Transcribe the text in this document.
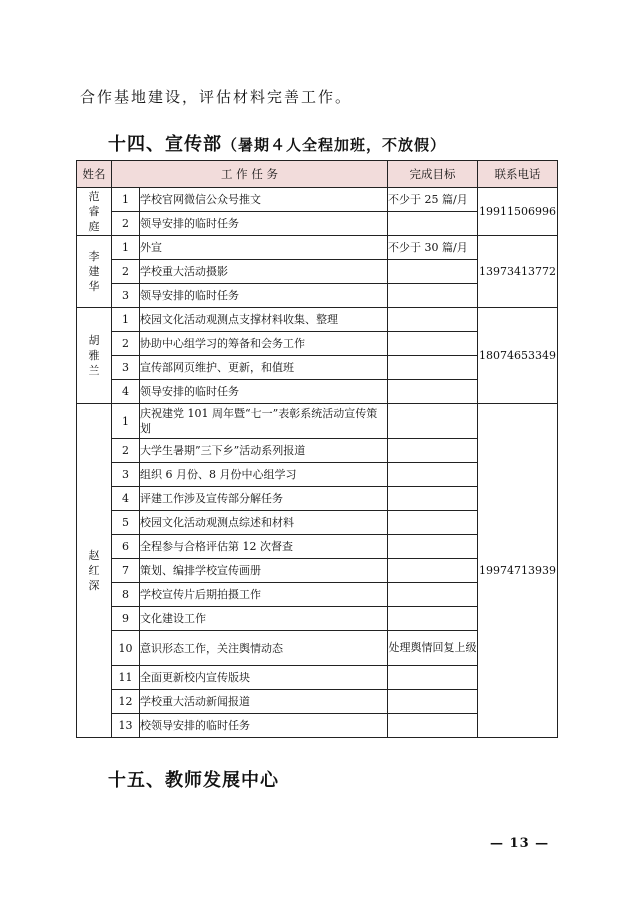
合作基地建设，评估材料完善工作。
十四、宣传部（暑期４人全程加班，不放假）
姓名	工 作 任 务		完成目标	联系电话
范睿庭	1	学校官网微信公众号推文	不少于 25 篇/月	19911506996
	2	领导安排的临时任务		
李建华	1	外宣	不少于 30 篇/月	13973413772
	2	学校重大活动摄影		
	3	领导安排的临时任务		
胡雅兰	1	校园文化活动观测点支撑材料收集、整理		18074653349
	2	协助中心组学习的筹备和会务工作		
	3	宣传部网页维护、更新，和值班		
	4	领导安排的临时任务		
赵红深	1	庆祝建党 101 周年暨“七一”表彰系统活动宣传策划		19974713939
	2	大学生暑期”三下乡”活动系列报道		
	3	组织 6 月份、8 月份中心组学习		
	4	评建工作涉及宣传部分解任务		
	5	校园文化活动观测点综述和材料		
	6	全程参与合格评估第 12 次督查		
	7	策划、编排学校宣传画册		
	8	学校宣传片后期拍摄工作		
	9	文化建设工作		
	10	意识形态工作，关注舆情动态	处理舆情回复上级	
	11	全面更新校内宣传版块		
	12	学校重大活动新闻报道		
	13	校领导安排的临时任务		
十五、教师发展中心
— 13 —
